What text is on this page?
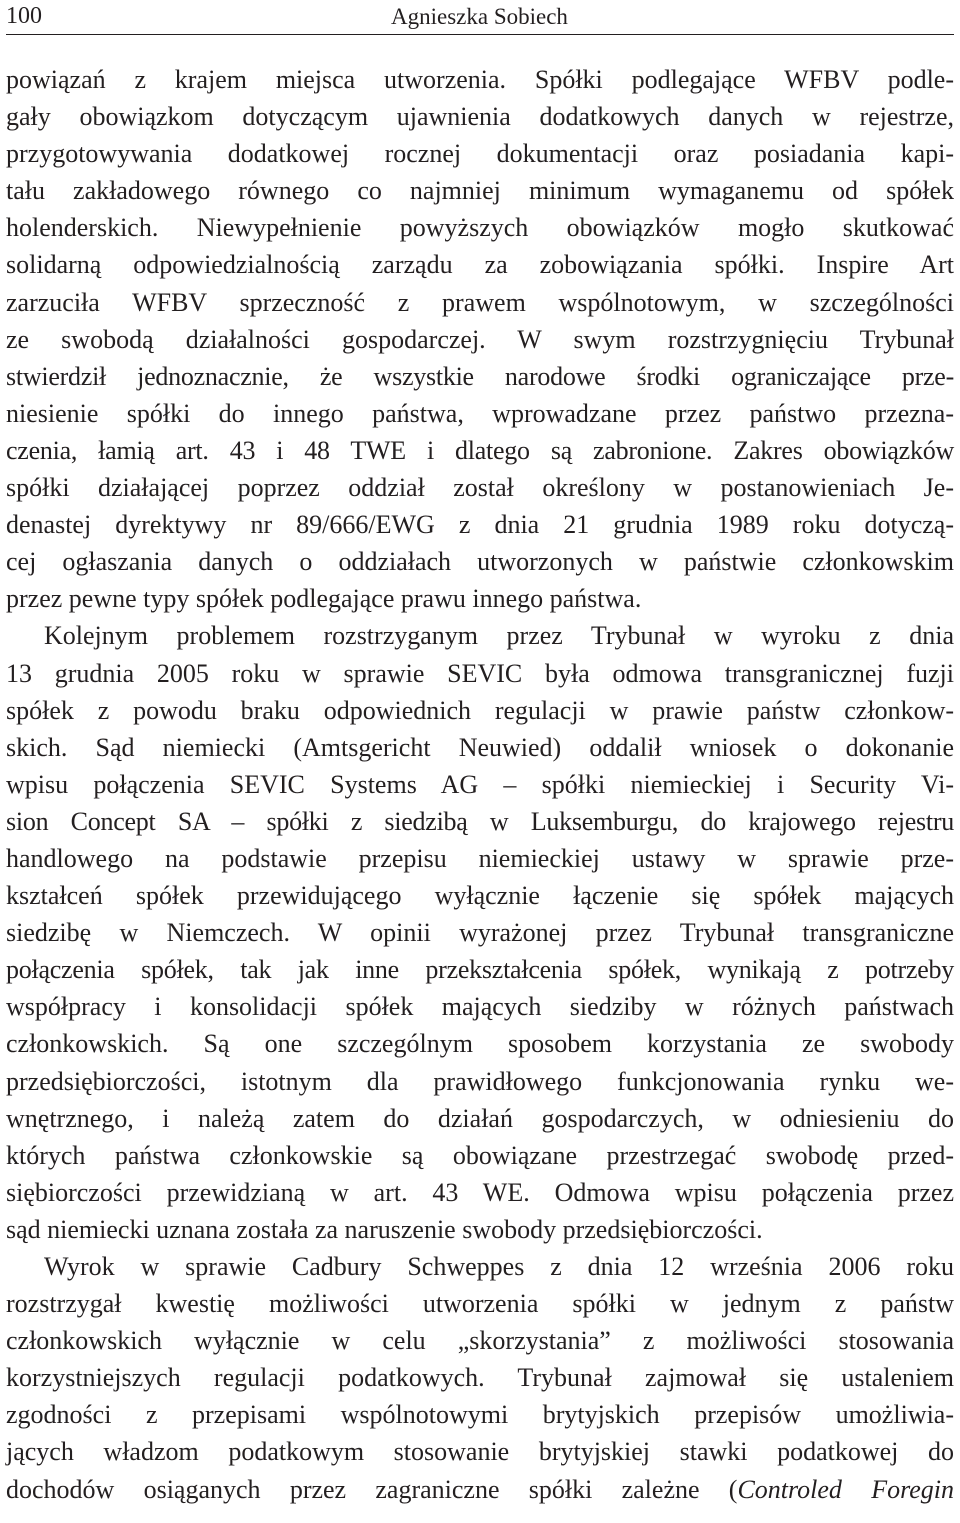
100	Agnieszka Sobiech
powiązań z krajem miejsca utworzenia. Spółki podlegające WFBV podle-
gały obowiązkom dotyczącym ujawnienia dodatkowych danych w rejestrze,
przygotowywania dodatkowej rocznej dokumentacji oraz posiadania kapi-
tału zakładowego równego co najmniej minimum wymaganemu od spółek
holenderskich. Niewypełnienie powyższych obowiązków mogło skutkować
solidarną odpowiedzialnością zarządu za zobowiązania spółki. Inspire Art
zarzuciła WFBV sprzeczność z prawem wspólnotowym, w szczególności
ze swobodą działalności gospodarczej. W swym rozstrzygnięciu Trybunał
stwierdził jednoznacznie, że wszystkie narodowe środki ograniczające prze-
niesienie spółki do innego państwa, wprowadzane przez państwo przezna-
czenia, łamią art. 43 i 48 TWE i dlatego są zabronione. Zakres obowiązków
spółki działającej poprzez oddział został określony w postanowieniach Je-
denastej dyrektywy nr 89/666/EWG z dnia 21 grudnia 1989 roku dotyczą-
cej ogłaszania danych o oddziałach utworzonych w państwie członkowskim
przez pewne typy spółek podlegające prawu innego państwa.
Kolejnym problemem rozstrzyganym przez Trybunał w wyroku z dnia
13 grudnia 2005 roku w sprawie SEVIC była odmowa transgranicznej fuzji
spółek z powodu braku odpowiednich regulacji w prawie państw członkow-
skich. Sąd niemiecki (Amtsgericht Neuwied) oddalił wniosek o dokonanie
wpisu połączenia SEVIC Systems AG – spółki niemieckiej i Security Vi-
sion Concept SA – spółki z siedzibą w Luksemburgu, do krajowego rejestru
handlowego na podstawie przepisu niemieckiej ustawy w sprawie prze-
kształceń spółek przewidującego wyłącznie łączenie się spółek mających
siedzibę w Niemczech. W opinii wyrażonej przez Trybunał transgraniczne
połączenia spółek, tak jak inne przekształcenia spółek, wynikają z potrzeby
współpracy i konsolidacji spółek mających siedziby w różnych państwach
członkowskich. Są one szczególnym sposobem korzystania ze swobody
przedsiębiorczości, istotnym dla prawidłowego funkcjonowania rynku we-
wnętrznego, i należą zatem do działań gospodarczych, w odniesieniu do
których państwa członkowskie są obowiązane przestrzegać swobodę przed-
siębiorczości przewidzianą w art. 43 WE. Odmowa wpisu połączenia przez
sąd niemiecki uznana została za naruszenie swobody przedsiębiorczości.
Wyrok w sprawie Cadbury Schweppes z dnia 12 września 2006 roku
rozstrzygał kwestię możliwości utworzenia spółki w jednym z państw
członkowskich wyłącznie w celu „skorzystania” z możliwości stosowania
korzystniejszych regulacji podatkowych. Trybunał zajmował się ustaleniem
zgodności z przepisami wspólnotowymi brytyjskich przepisów umożliwia-
jących władzom podatkowym stosowanie brytyjskiej stawki podatkowej do
dochodów osiąganych przez zagraniczne spółki zależne (Controled Foregin
